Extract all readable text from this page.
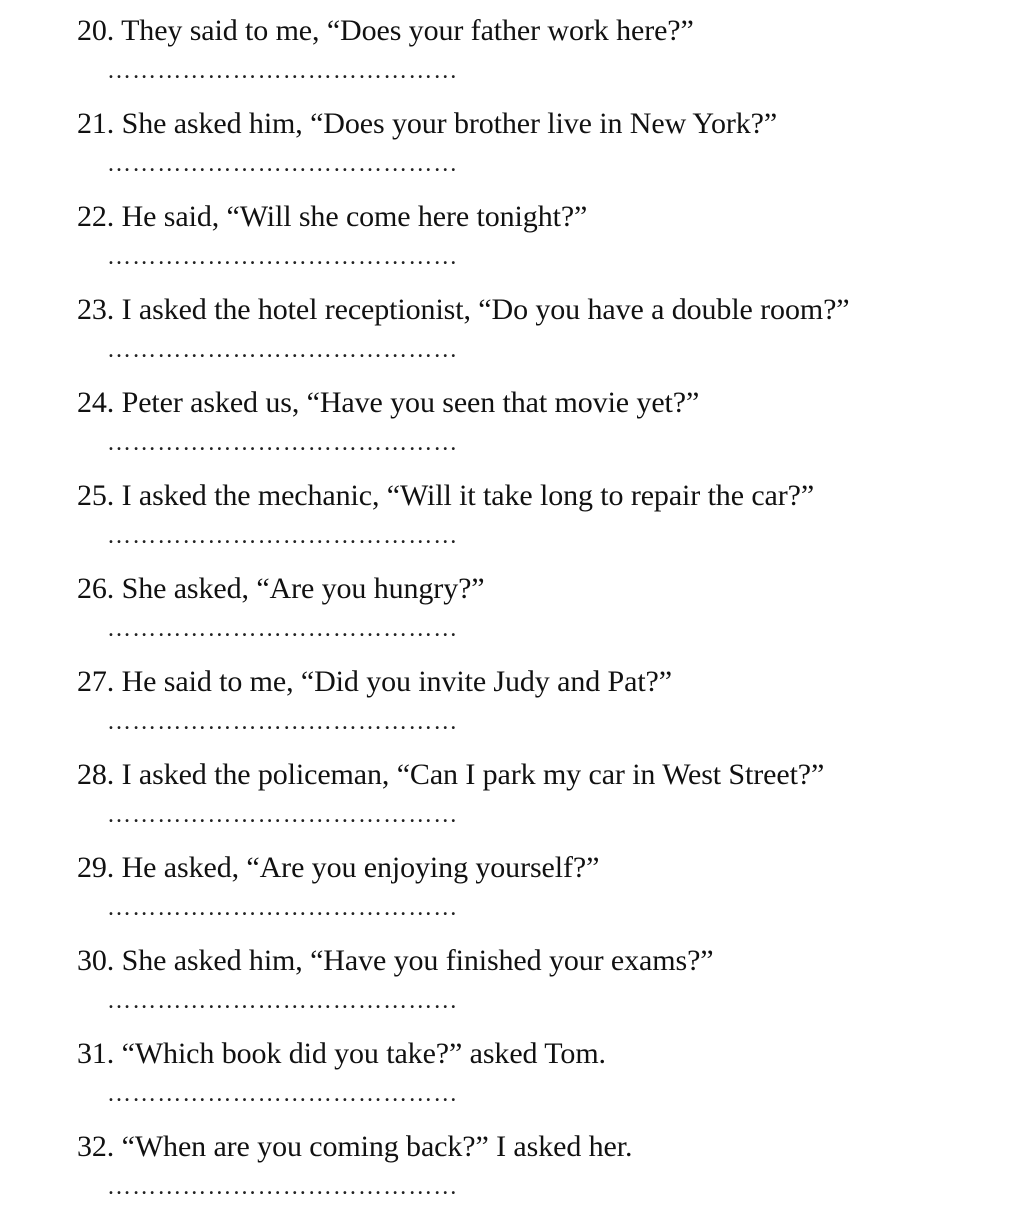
20. They said to me, “Does your father work here?”
……………………………………
21. She asked him, “Does your brother live in New York?”
……………………………………
22. He said, “Will she come here tonight?”
……………………………………
23. I asked the hotel receptionist, “Do you have a double room?”
……………………………………
24. Peter asked us, “Have you seen that movie yet?”
……………………………………
25. I asked the mechanic, “Will it take long to repair the car?”
……………………………………
26. She asked, “Are you hungry?”
……………………………………
27. He said to me, “Did you invite Judy and Pat?”
……………………………………
28. I asked the policeman, “Can I park my car in West Street?”
……………………………………
29. He asked, “Are you enjoying yourself?”
……………………………………
30. She asked him, “Have you finished your exams?”
……………………………………
31. “Which book did you take?” asked Tom.
……………………………………
32. “When are you coming back?” I asked her.
……………………………………
